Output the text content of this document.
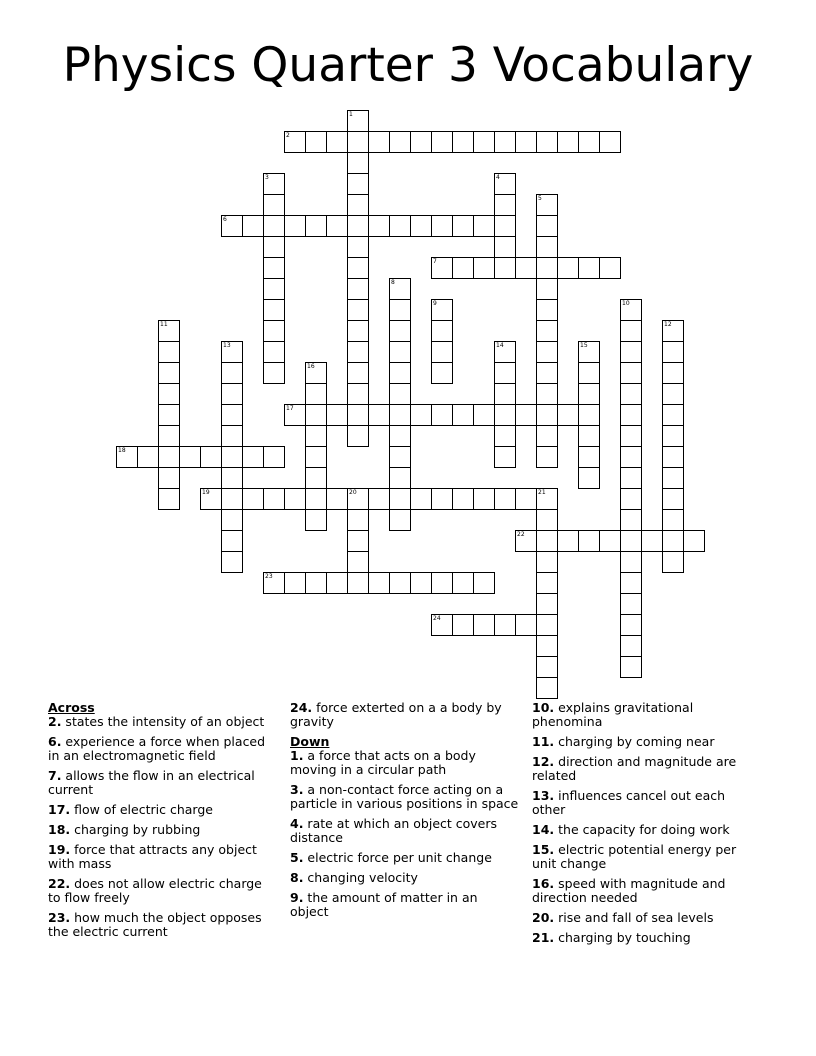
Physics Quarter 3 Vocabulary
2
6
7
17
18
19	20
22
23
24
1
3	4
5
8
9	10
11	12
13	14	15
16
21
Across
2. states the intensity of an object
6. experience a force when placed in an electromagnetic field
7. allows the flow in an electrical current
17. flow of electric charge
18. charging by rubbing
19. force that attracts any object with mass
22. does not allow electric charge to flow freely
23. how much the object opposes the electric current
24. force exterted on a a body by gravity
Down
1. a force that acts on a body moving in a circular path
3. a non-contact force acting on a particle in various positions in space
4. rate at which an object covers distance
5. electric force per unit change
8. changing velocity
9. the amount of matter in an object
10. explains gravitational phenomina
11. charging by coming near
12. direction and magnitude are related
13. influences cancel out each other
14. the capacity for doing work
15. electric potential energy per unit change
16. speed with magnitude and direction needed
20. rise and fall of sea levels
21. charging by touching
